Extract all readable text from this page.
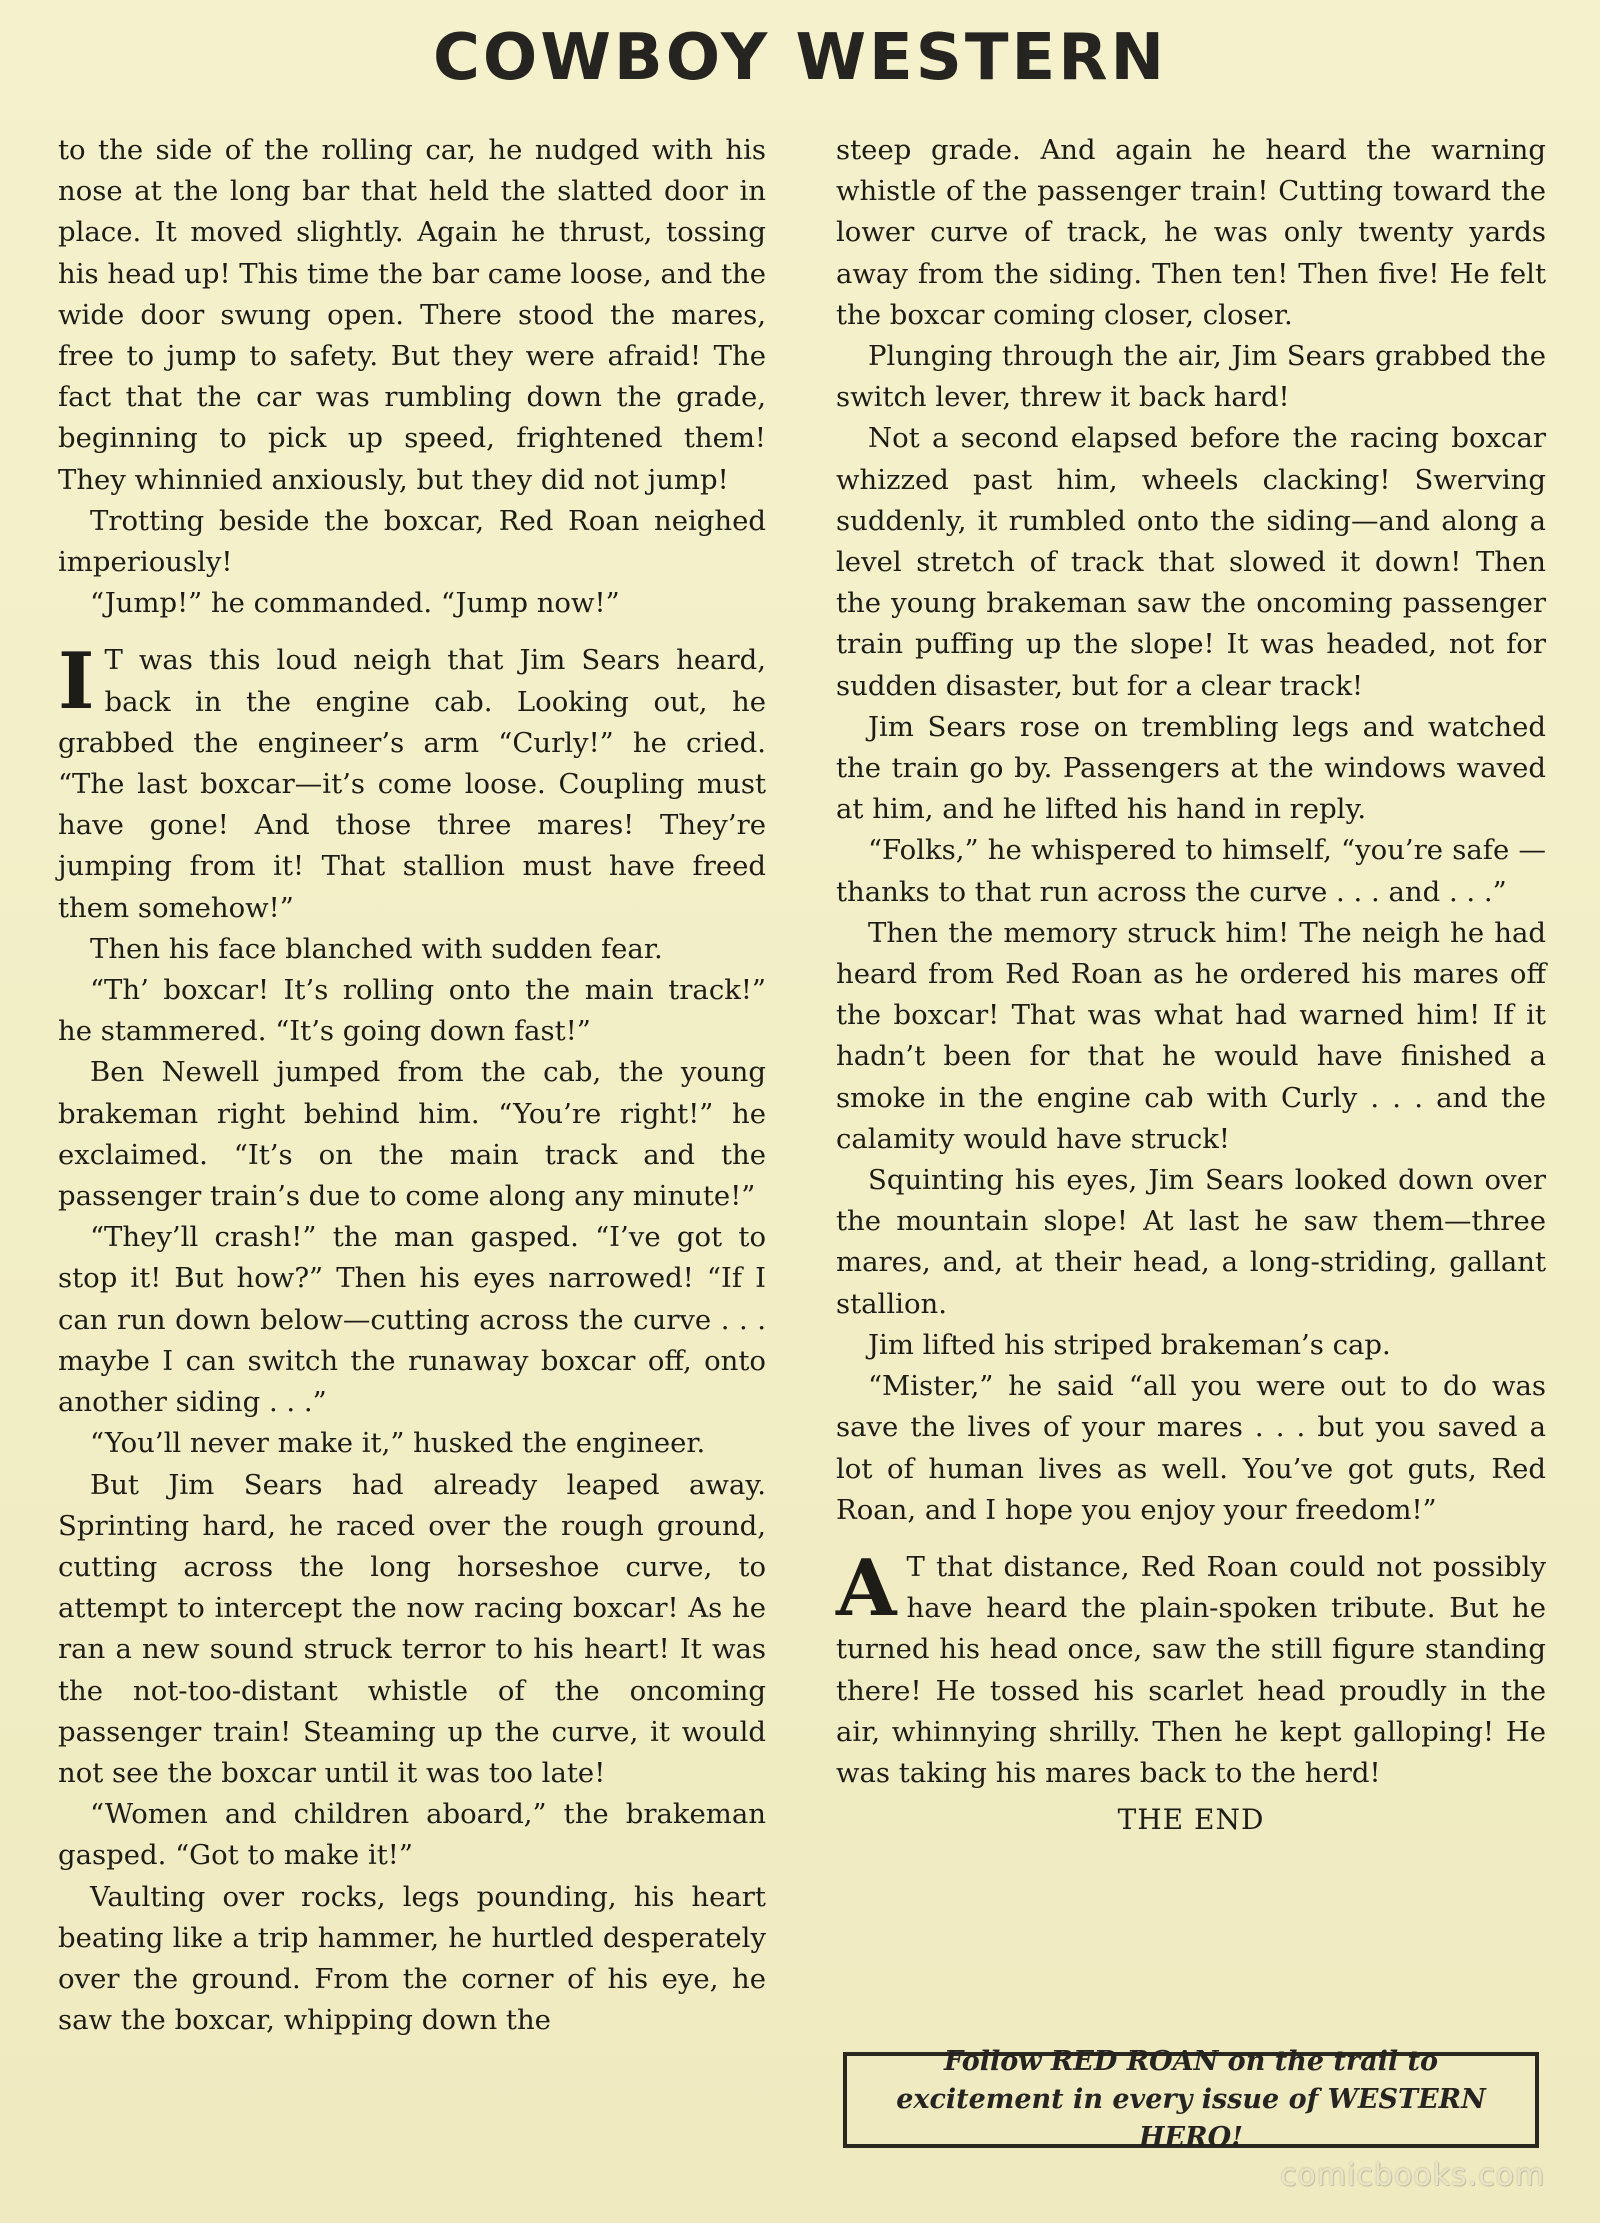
COWBOY WESTERN

to the side of the rolling car, he nudged with his nose at the long bar that held the slatted door in place. It moved slightly. Again he thrust, tossing his head up! This time the bar came loose, and the wide door swung open. There stood the mares, free to jump to safety. But they were afraid! The fact that the car was rumbling down the grade, beginning to pick up speed, frightened them! They whinnied anxiously, but they did not jump!

Trotting beside the boxcar, Red Roan neighed imperiously!

“Jump!” he commanded. “Jump now!”

I T was this loud neigh that Jim Sears heard, back in the engine cab. Looking out, he grabbed the engineer’s arm “Curly!” he cried. “The last boxcar—it’s come loose. Coupling must have gone! And those three mares! They’re jumping from it! That stallion must have freed them somehow!”

Then his face blanched with sudden fear.

“Th’ boxcar! It’s rolling onto the main track!” he stammered. “It’s going down fast!”

Ben Newell jumped from the cab, the young brakeman right behind him. “You’re right!” he exclaimed. “It’s on the main track and the passenger train’s due to come along any minute!”

“They’ll crash!” the man gasped. “I’ve got to stop it! But how?” Then his eyes narrowed! “If I can run down below—cutting across the curve . . . maybe I can switch the runaway boxcar off, onto another siding . . .”

“You’ll never make it,” husked the engineer.

But Jim Sears had already leaped away. Sprinting hard, he raced over the rough ground, cutting across the long horseshoe curve, to attempt to intercept the now racing boxcar! As he ran a new sound struck terror to his heart! It was the not-too-distant whistle of the oncoming passenger train! Steaming up the curve, it would not see the boxcar until it was too late!

“Women and children aboard,” the brakeman gasped. “Got to make it!”

Vaulting over rocks, legs pounding, his heart beating like a trip hammer, he hurtled desperately over the ground. From the corner of his eye, he saw the boxcar, whipping down the

steep grade. And again he heard the warning whistle of the passenger train! Cutting toward the lower curve of track, he was only twenty yards away from the siding. Then ten! Then five! He felt the boxcar coming closer, closer.

Plunging through the air, Jim Sears grabbed the switch lever, threw it back hard!

Not a second elapsed before the racing boxcar whizzed past him, wheels clacking! Swerving suddenly, it rumbled onto the siding—and along a level stretch of track that slowed it down! Then the young brakeman saw the oncoming passenger train puffing up the slope! It was headed, not for sudden disaster, but for a clear track!

Jim Sears rose on trembling legs and watched the train go by. Passengers at the windows waved at him, and he lifted his hand in reply.

“Folks,” he whispered to himself, “you’re safe —thanks to that run across the curve . . . and . . .”

Then the memory struck him! The neigh he had heard from Red Roan as he ordered his mares off the boxcar! That was what had warned him! If it hadn’t been for that he would have finished a smoke in the engine cab with Curly . . . and the calamity would have struck!

Squinting his eyes, Jim Sears looked down over the mountain slope! At last he saw them—three mares, and, at their head, a long-striding, gallant stallion.

Jim lifted his striped brakeman’s cap.

“Mister,” he said “all you were out to do was save the lives of your mares . . . but you saved a lot of human lives as well. You’ve got guts, Red Roan, and I hope you enjoy your freedom!”

A T that distance, Red Roan could not possibly have heard the plain-spoken tribute. But he turned his head once, saw the still figure standing there! He tossed his scarlet head proudly in the air, whinnying shrilly. Then he kept galloping! He was taking his mares back to the herd!

THE END
Follow RED ROAN on the trail to excitement in every issue of WESTERN HERO!
comicbooks.com
